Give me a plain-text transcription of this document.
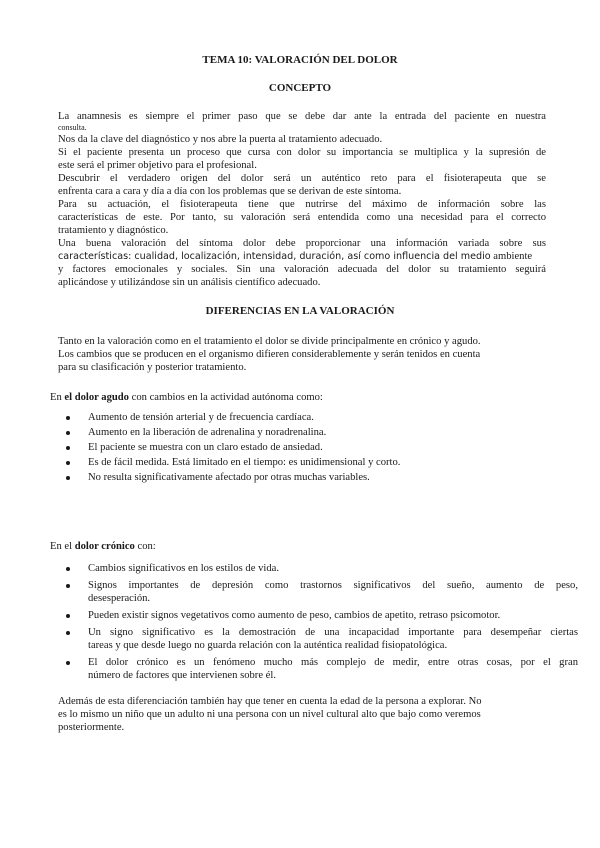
TEMA 10: VALORACIÓN DEL DOLOR
CONCEPTO

La anamnesis es siempre el primer paso que se debe dar ante la entrada del paciente en nuestra

consulta.

Nos da la clave del diagnóstico y nos abre la puerta al tratamiento adecuado.

Si el paciente presenta un proceso que cursa con dolor su importancia se multiplica y la supresión de

este será el primer objetivo para el profesional.

Descubrir el verdadero origen del dolor será un auténtico reto para el fisioterapeuta que se

enfrenta cara a cara y día a día con los problemas que se derivan de este síntoma.

Para su actuación, el fisioterapeuta tiene que nutrirse del máximo de información sobre las

características de este. Por tanto, su valoración será entendida como una necesidad para el correcto

tratamiento y diagnóstico.

Una buena valoración del síntoma dolor debe proporcionar una información variada sobre sus

características: cualidad, localización, intensidad, duración, así como influencia del medio ambiente

y factores emocionales y sociales. Sin una valoración adecuada del dolor su tratamiento seguirá

aplicándose y utilizándose sin un análisis científico adecuado.

DIFERENCIAS EN LA VALORACIÓN

Tanto en la valoración como en el tratamiento el dolor se divide principalmente en crónico y agudo.

Los cambios que se producen en el organismo difieren considerablemente y serán tenidos en cuenta

para su clasificación y posterior tratamiento.

En el dolor agudo con cambios en la actividad autónoma como:
Aumento de tensión arterial y de frecuencia cardíaca.
Aumento en la liberación de adrenalina y noradrenalina.
El paciente se muestra con un claro estado de ansiedad.
Es de fácil medida. Está limitado en el tiempo: es unidimensional y corto.
No resulta significativamente afectado por otras muchas variables.
En el dolor crónico con:
Cambios significativos en los estilos de vida.
Signos importantes de depresión como trastornos significativos del sueño, aumento de peso,
desesperación.
Pueden existir signos vegetativos como aumento de peso, cambios de apetito, retraso psicomotor.
Un signo significativo es la demostración de una incapacidad importante para desempeñar ciertas
tareas y que desde luego no guarda relación con la auténtica realidad fisiopatológica.
El dolor crónico es un fenómeno mucho más complejo de medir, entre otras cosas, por el gran
número de factores que intervienen sobre él.

Además de esta diferenciación también hay que tener en cuenta la edad de la persona a explorar. No

es lo mismo un niño que un adulto ni una persona con un nivel cultural alto que bajo como veremos

posteriormente.
